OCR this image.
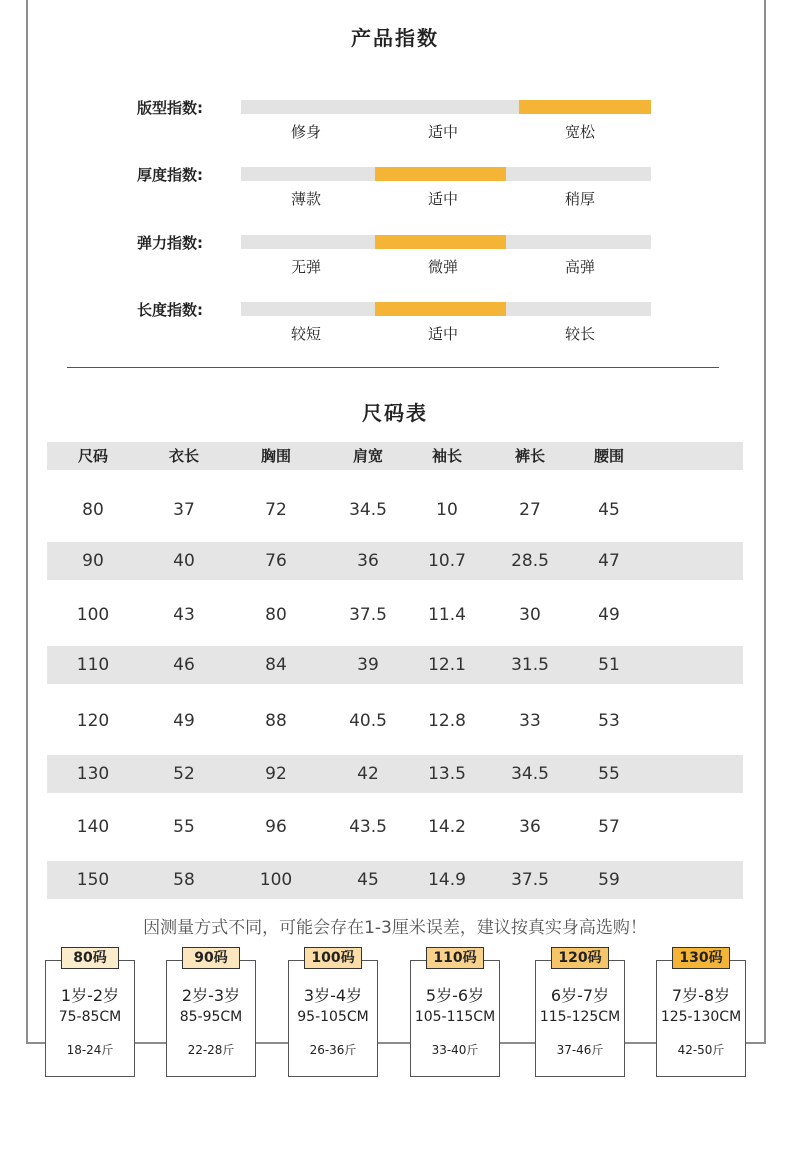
产品指数
版型指数:
修身	适中	宽松
厚度指数:
薄款	适中	稍厚
弹力指数:
无弹	微弹	高弹
长度指数:
较短	适中	较长
尺码表
尺码	衣长	胸围	肩宽	袖长	裤长	腰围
80	37	72	34.5	10	27	45
90	40	76	36	10.7	28.5	47
100	43	80	37.5	11.4	30	49
110	46	84	39	12.1	31.5	51
120	49	88	40.5	12.8	33	53
130	52	92	42	13.5	34.5	55
140	55	96	43.5	14.2	36	57
150	58	100	45	14.9	37.5	59
因测量方式不同，可能会存在1-3厘米误差，建议按真实身高选购！
1岁-2岁
75-85CM
18-24斤
2岁-3岁
85-95CM
22-28斤
3岁-4岁
95-105CM
26-36斤
5岁-6岁
105-115CM
33-40斤
6岁-7岁
115-125CM
37-46斤
7岁-8岁
125-130CM
42-50斤
80码	90码	100码	110码	120码	130码
